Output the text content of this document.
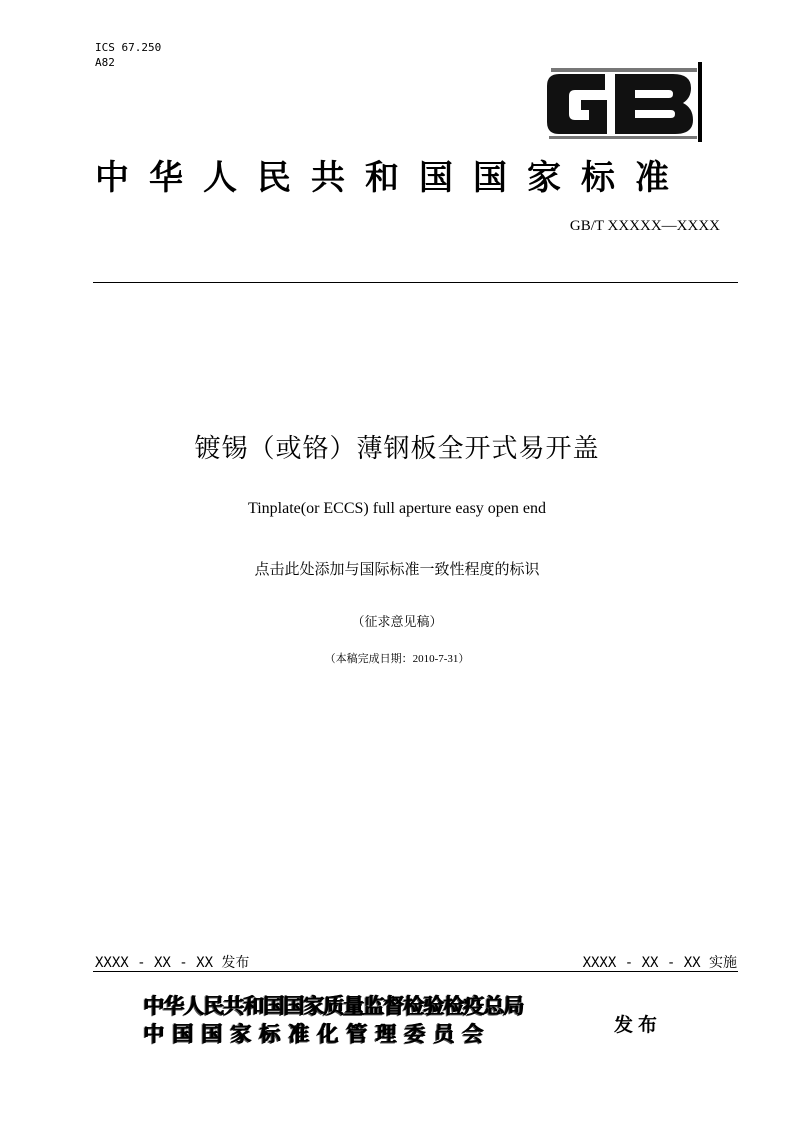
ICS 67.250
A82
中华人民共和国国家标准
GB/T XXXXX—XXXX
镀锡（或铬）薄钢板全开式易开盖
Tinplate(or ECCS) full aperture easy open end
点击此处添加与国际标准一致性程度的标识
（征求意见稿）
（本稿完成日期：2010-7-31）
XXXX - XX - XX 发布	XXXX - XX - XX 实施
中华人民共和国国家质量监督检验检疫总局
中国国家标准化管理委员会	发布
